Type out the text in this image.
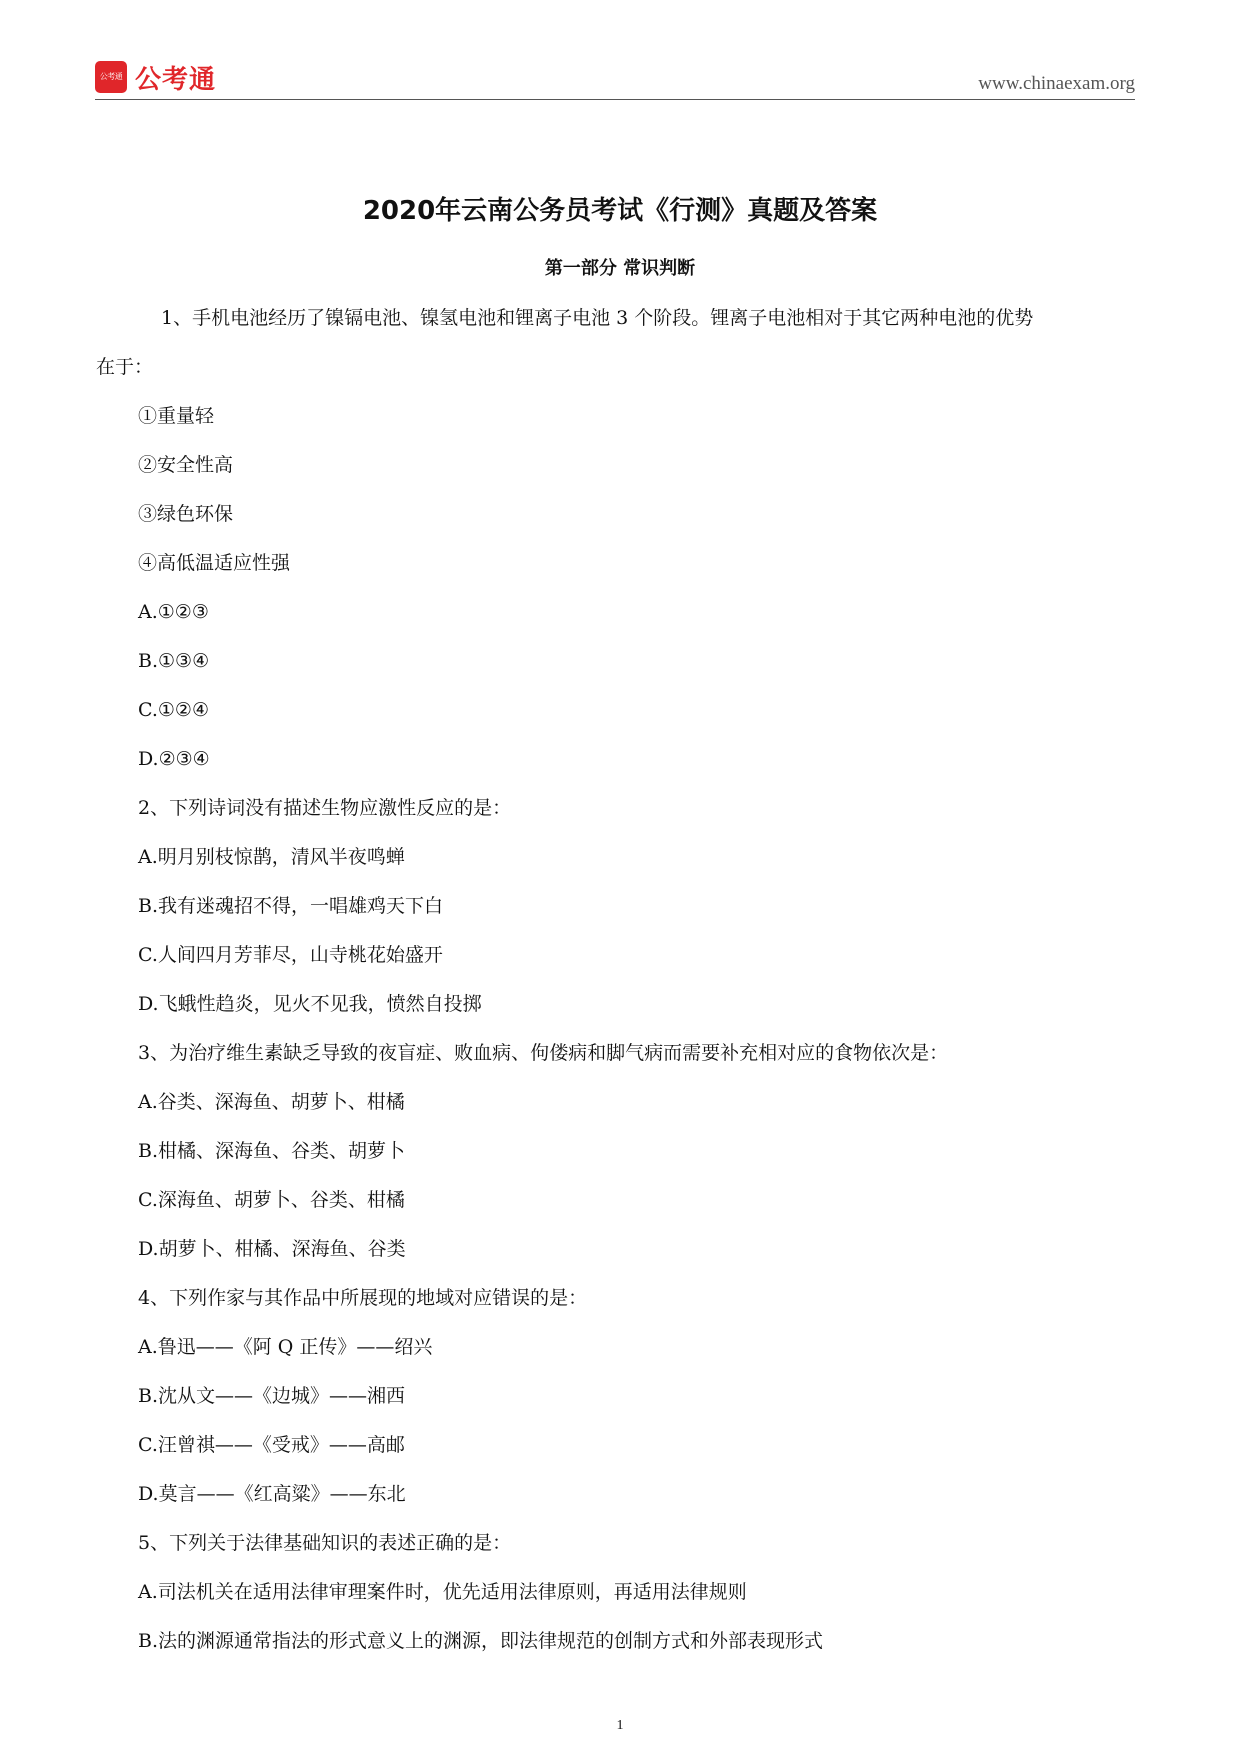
公考通 公考通	www.chinaexam.org
2020年云南公务员考试《行测》真题及答案
第一部分 常识判断

1、手机电池经历了镍镉电池、镍氢电池和锂离子电池 3 个阶段。锂离子电池相对于其它两种电池的优势

在于：

①重量轻

②安全性高

③绿色环保

④高低温适应性强

A.①②③

B.①③④

C.①②④

D.②③④

2、下列诗词没有描述生物应激性反应的是：

A.明月别枝惊鹊，清风半夜鸣蝉

B.我有迷魂招不得，一唱雄鸡天下白

C.人间四月芳菲尽，山寺桃花始盛开

D.飞蛾性趋炎，见火不见我，愤然自投掷

3、为治疗维生素缺乏导致的夜盲症、败血病、佝偻病和脚气病而需要补充相对应的食物依次是：

A.谷类、深海鱼、胡萝卜、柑橘

B.柑橘、深海鱼、谷类、胡萝卜

C.深海鱼、胡萝卜、谷类、柑橘

D.胡萝卜、柑橘、深海鱼、谷类

4、下列作家与其作品中所展现的地域对应错误的是：

A.鲁迅——《阿 Q 正传》——绍兴

B.沈从文——《边城》——湘西

C.汪曾祺——《受戒》——高邮

D.莫言——《红高粱》——东北

5、下列关于法律基础知识的表述正确的是：

A.司法机关在适用法律审理案件时，优先适用法律原则，再适用法律规则

B.法的渊源通常指法的形式意义上的渊源，即法律规范的创制方式和外部表现形式

1
